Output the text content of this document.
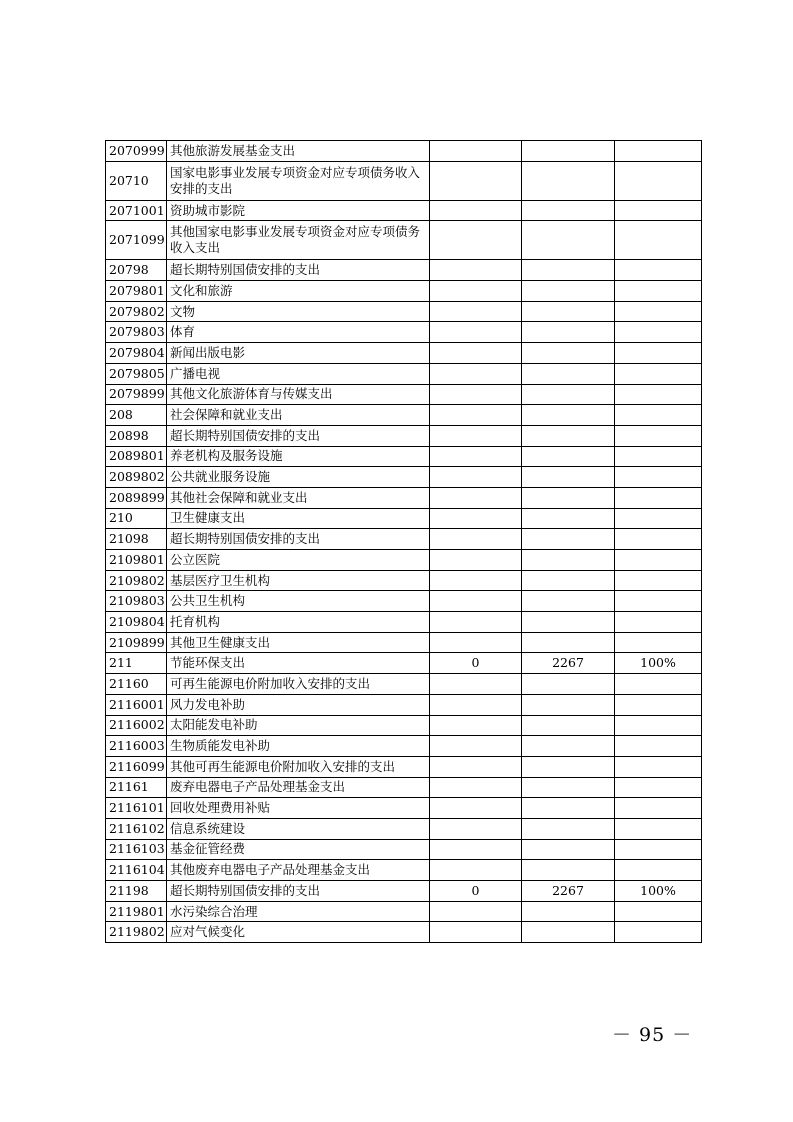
2070999	其他旅游发展基金支出			
20710	国家电影事业发展专项资金对应专项债务收入安排的支出			
2071001	资助城市影院			
2071099	其他国家电影事业发展专项资金对应专项债务收入支出			
20798	超长期特别国债安排的支出			
2079801	文化和旅游			
2079802	文物			
2079803	体育			
2079804	新闻出版电影			
2079805	广播电视			
2079899	其他文化旅游体育与传媒支出			
208	社会保障和就业支出			
20898	超长期特别国债安排的支出			
2089801	养老机构及服务设施			
2089802	公共就业服务设施			
2089899	其他社会保障和就业支出			
210	卫生健康支出			
21098	超长期特别国债安排的支出			
2109801	公立医院			
2109802	基层医疗卫生机构			
2109803	公共卫生机构			
2109804	托育机构			
2109899	其他卫生健康支出			
211	节能环保支出	0	2267	100%
21160	可再生能源电价附加收入安排的支出			
2116001	风力发电补助			
2116002	太阳能发电补助			
2116003	生物质能发电补助			
2116099	其他可再生能源电价附加收入安排的支出			
21161	废弃电器电子产品处理基金支出			
2116101	回收处理费用补贴			
2116102	信息系统建设			
2116103	基金征管经费			
2116104	其他废弃电器电子产品处理基金支出			
21198	超长期特别国债安排的支出	0	2267	100%
2119801	水污染综合治理			
2119802	应对气候变化			
－ 95 －
